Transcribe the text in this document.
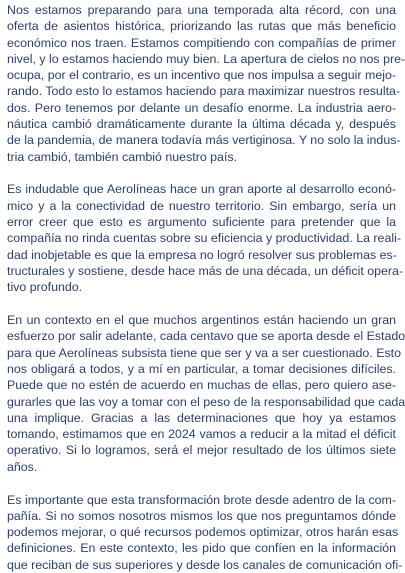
Nos estamos preparando para una temporada alta récord, con una
oferta de asientos histórica, priorizando las rutas que más beneficio
económico nos traen. Estamos compitiendo con compañías de primer
nivel, y lo estamos haciendo muy bien. La apertura de cielos no nos pre-
ocupa, por el contrario, es un incentivo que nos impulsa a seguir mejo-
rando. Todo esto lo estamos haciendo para maximizar nuestros resulta-
dos. Pero tenemos por delante un desafío enorme. La industria aero-
náutica cambió dramáticamente durante la última década y, después
de la pandemia, de manera todavía más vertiginosa. Y no solo la indus-
tria cambió, también cambió nuestro país.
Es indudable que Aerolíneas hace un gran aporte al desarrollo econó-
mico y a la conectividad de nuestro territorio. Sin embargo, sería un
error creer que esto es argumento suficiente para pretender que la
compañía no rinda cuentas sobre su eficiencia y productividad. La reali-
dad inobjetable es que la empresa no logró resolver sus problemas es-
tructurales y sostiene, desde hace más de una década, un déficit opera-
tivo profundo.
En un contexto en el que muchos argentinos están haciendo un gran
esfuerzo por salir adelante, cada centavo que se aporta desde el Estado
para que Aerolíneas subsista tiene que ser y va a ser cuestionado. Esto
nos obligará a todos, y a mí en particular, a tomar decisiones difíciles.
Puede que no estén de acuerdo en muchas de ellas, pero quiero ase-
gurarles que las voy a tomar con el peso de la responsabilidad que cada
una implique. Gracias a las determinaciones que hoy ya estamos
tomando, estimamos que en 2024 vamos a reducir a la mitad el déficit
operativo. Si lo logramos, será el mejor resultado de los últimos siete
años.
Es importante que esta transformación brote desde adentro de la com-
pañía. Si no somos nosotros mismos los que nos preguntamos dónde
podemos mejorar, o qué recursos podemos optimizar, otros harán esas
definiciones. En este contexto, les pido que confíen en la información
que reciban de sus superiores y desde los canales de comunicación ofi-
